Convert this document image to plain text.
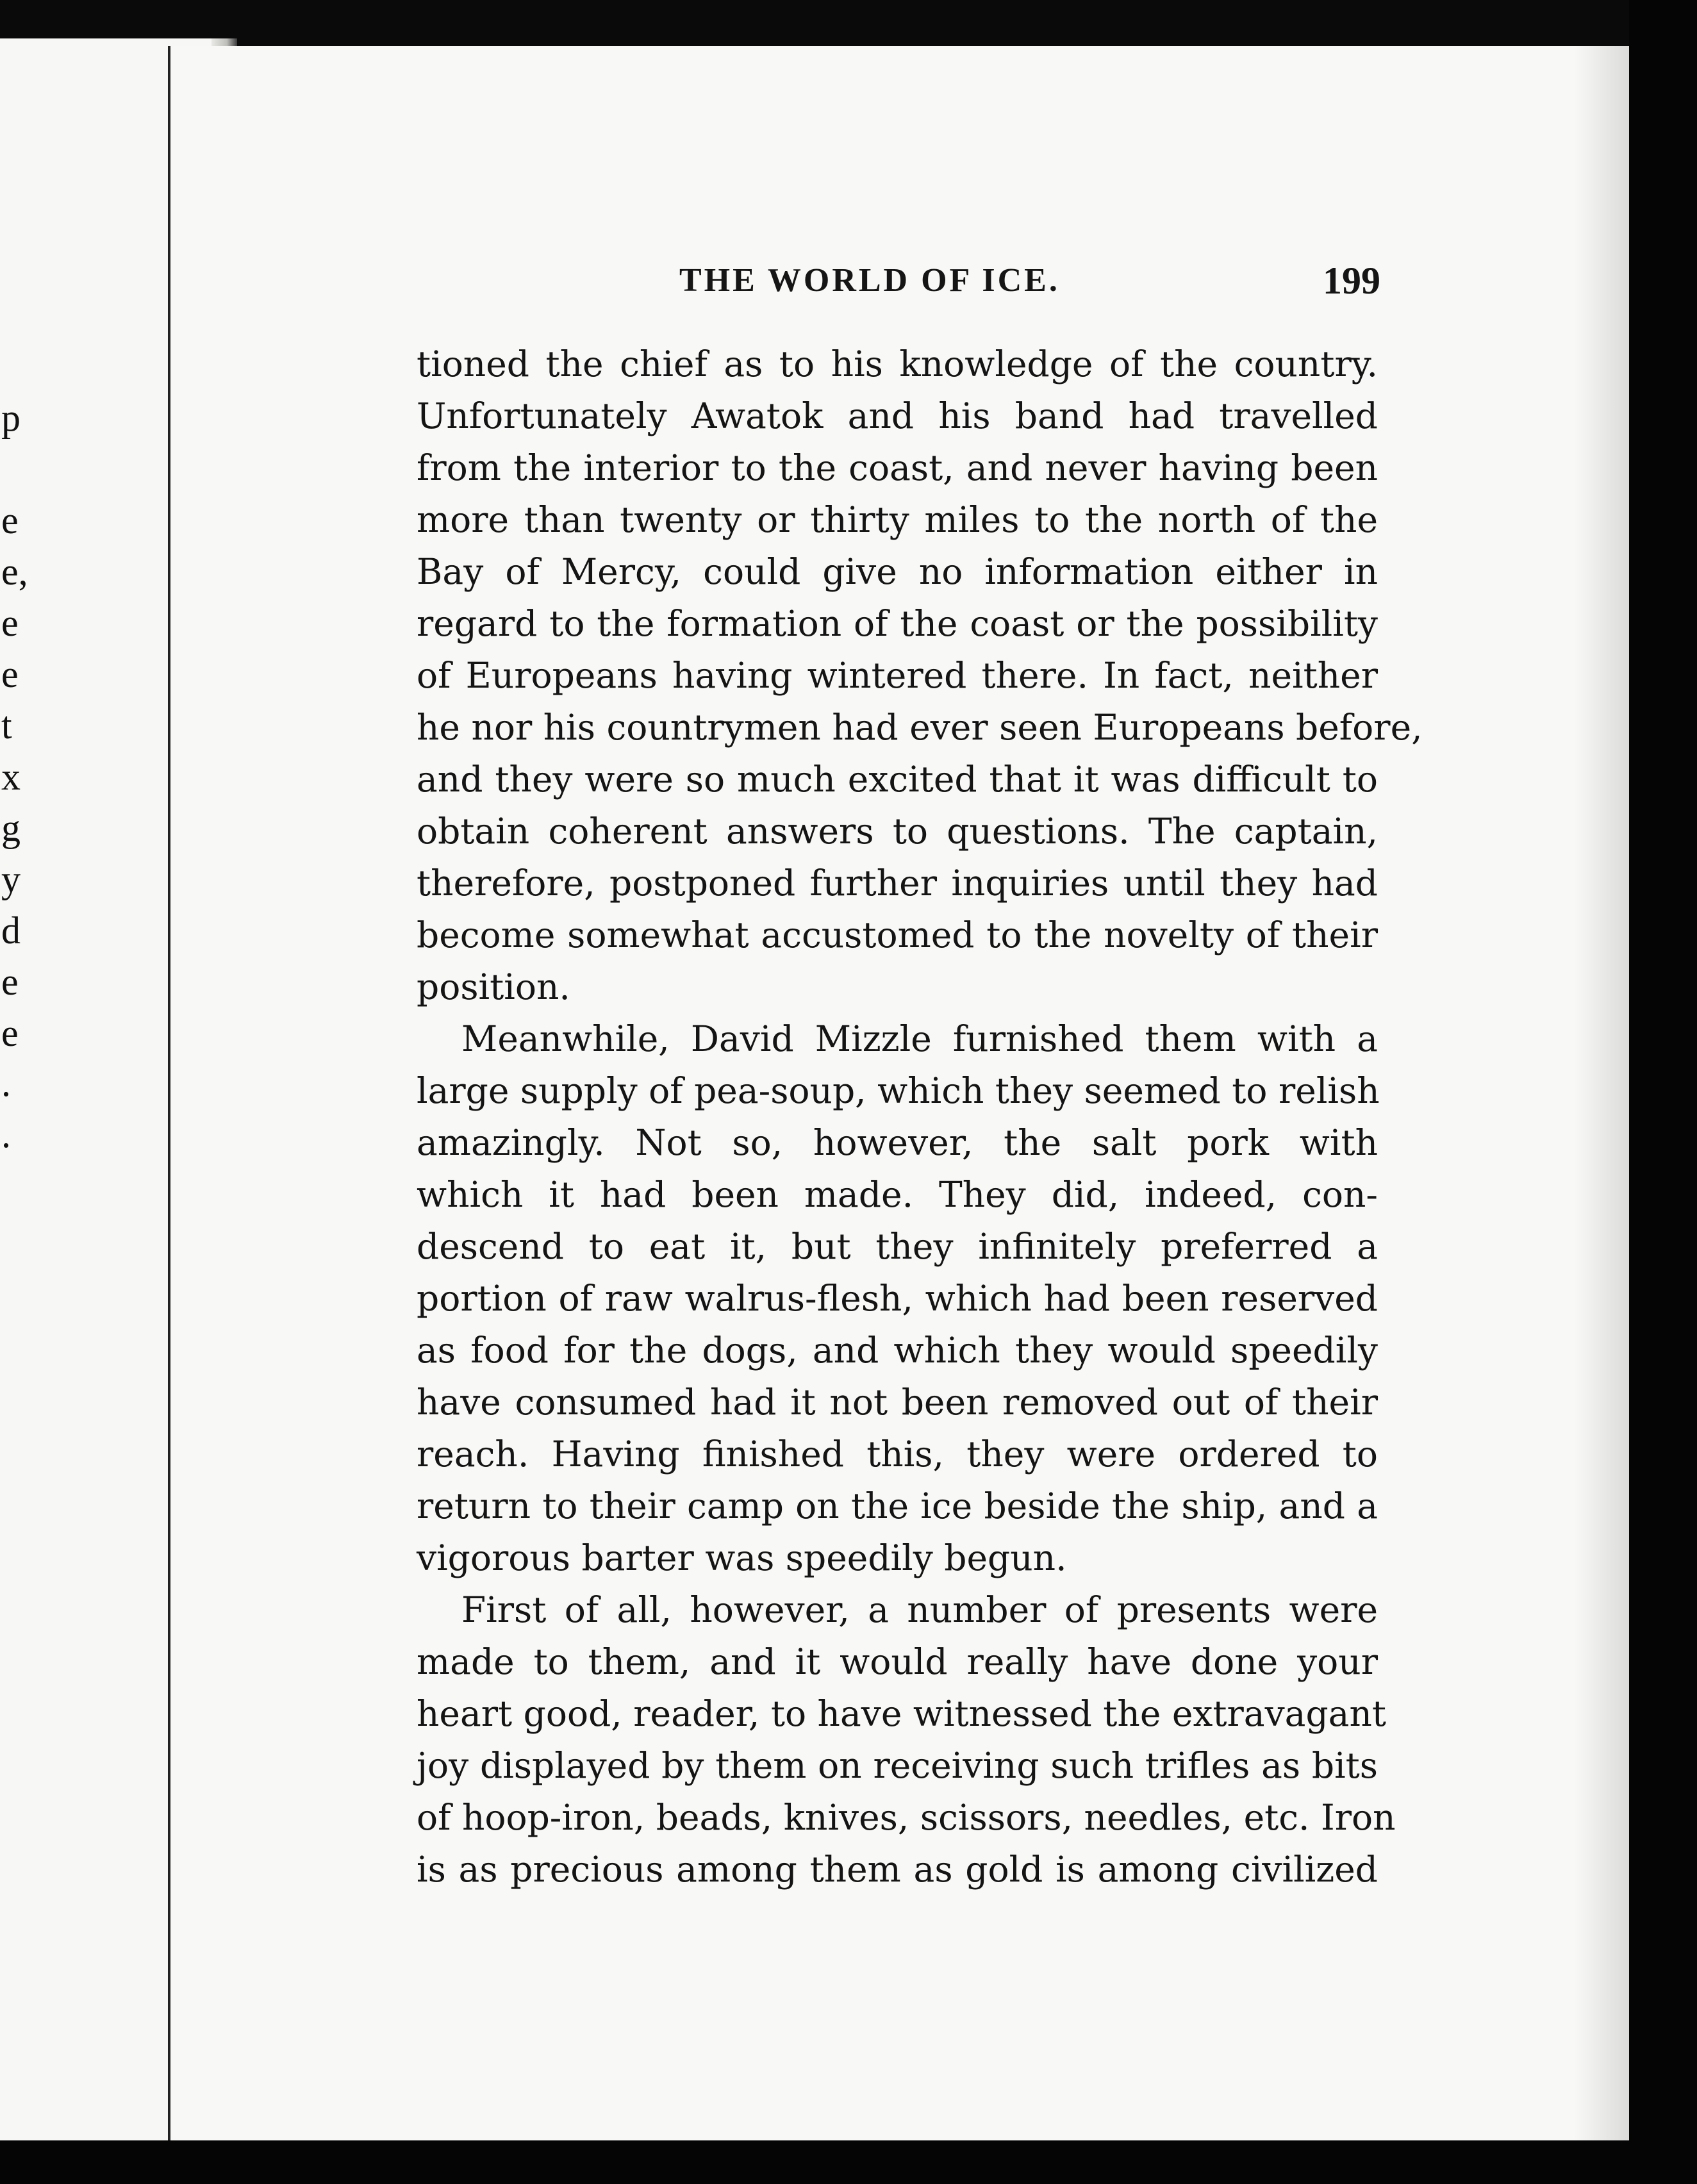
p
e
e,
e
e
t
x
g
y
d
e
e
.
.
THE WORLD OF ICE.	199
tioned the chief as to his knowledge of the country.
Unfortunately Awatok and his band had travelled
from the interior to the coast, and never having been
more than twenty or thirty miles to the north of the
Bay of Mercy, could give no information either in
regard to the formation of the coast or the possibility
of Europeans having wintered there. In fact, neither
he nor his countrymen had ever seen Europeans before,
and they were so much excited that it was difficult to
obtain coherent answers to questions. The captain,
therefore, postponed further inquiries until they had
become somewhat accustomed to the novelty of their
position.
Meanwhile, David Mizzle furnished them with a
large supply of pea-soup, which they seemed to relish
amazingly. Not so, however, the salt pork with
which it had been made. They did, indeed, con-
descend to eat it, but they infinitely preferred a
portion of raw walrus-flesh, which had been reserved
as food for the dogs, and which they would speedily
have consumed had it not been removed out of their
reach. Having finished this, they were ordered to
return to their camp on the ice beside the ship, and a
vigorous barter was speedily begun.
First of all, however, a number of presents were
made to them, and it would really have done your
heart good, reader, to have witnessed the extravagant
joy displayed by them on receiving such trifles as bits
of hoop-iron, beads, knives, scissors, needles, etc. Iron
is as precious among them as gold is among civilized
